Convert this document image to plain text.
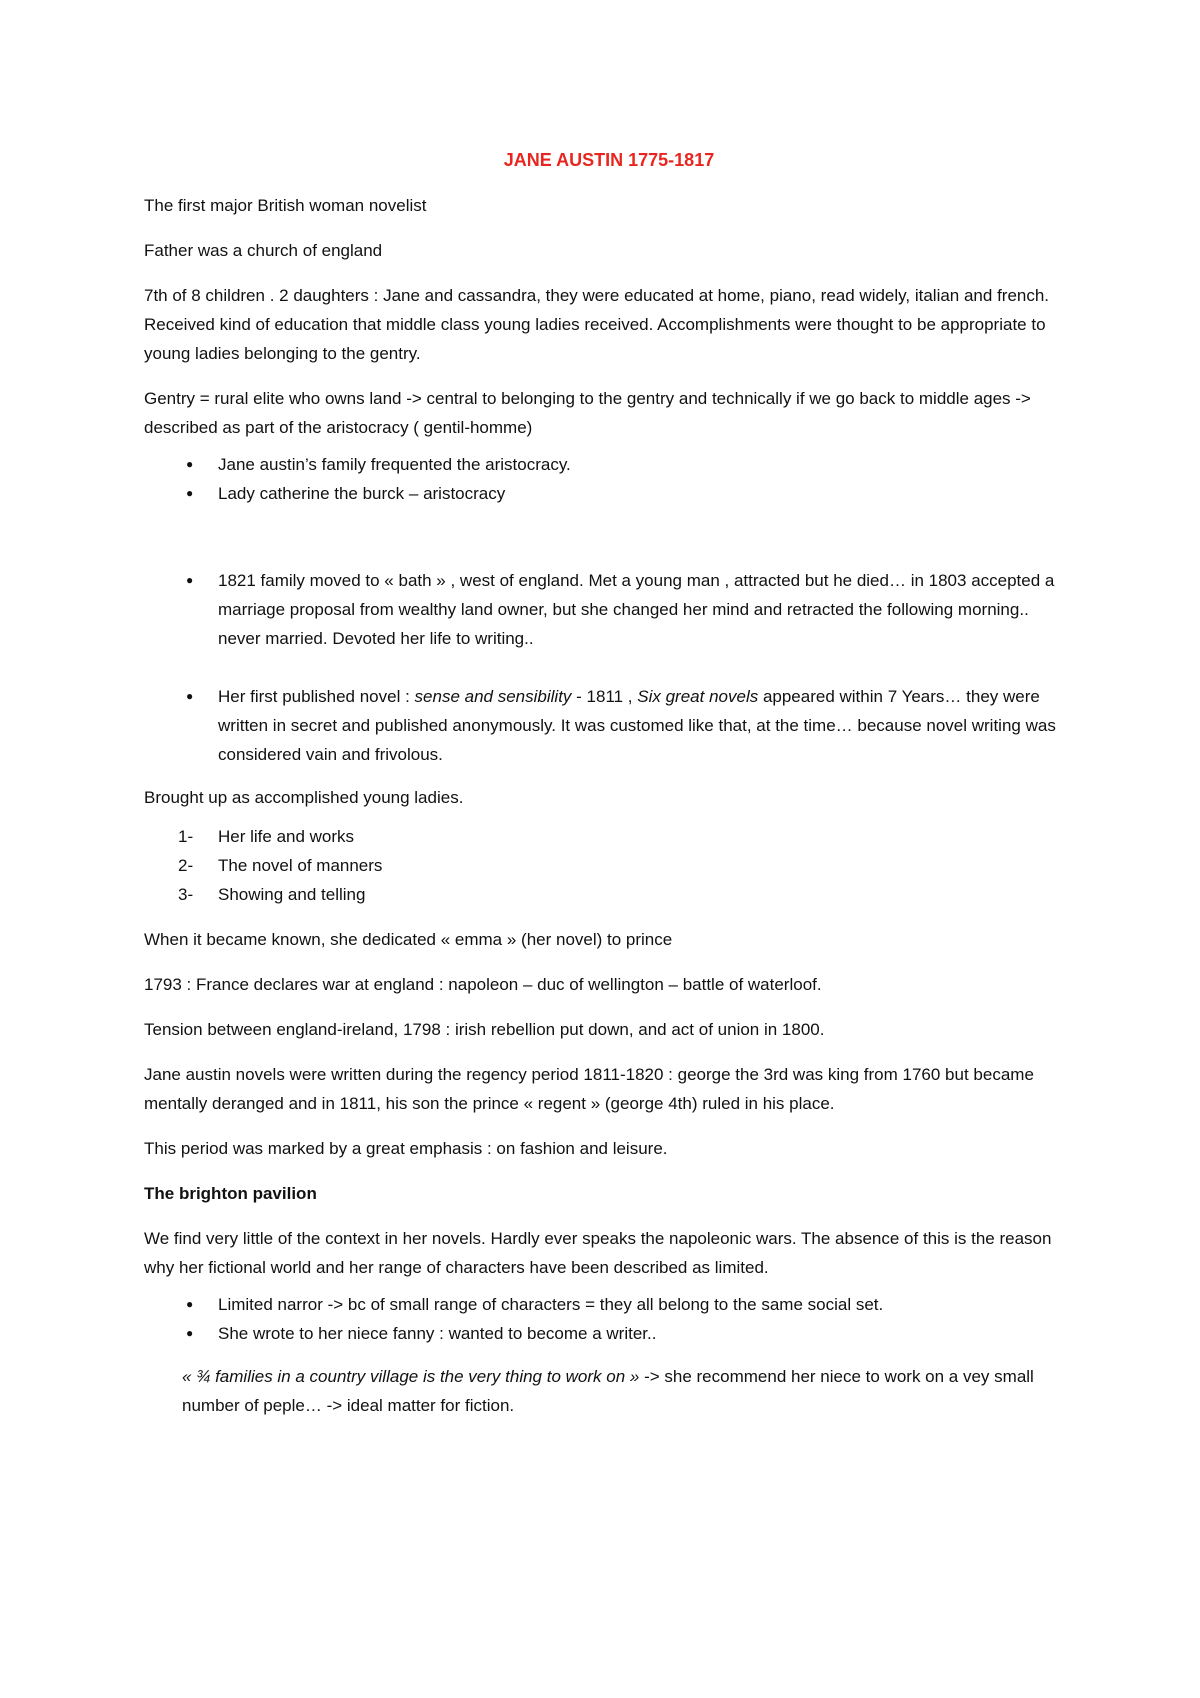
JANE AUSTIN 1775-1817
The first major British woman novelist
Father was a church of england
7th of 8 children . 2 daughters : Jane and cassandra, they were educated at home, piano, read widely, italian and french. Received kind of education that middle class young ladies received. Accomplishments were thought to be appropriate to young ladies belonging to the gentry.
Gentry = rural elite who owns land -> central to belonging to the gentry and technically if we go back to middle ages -> described as part of the aristocracy ( gentil-homme)
● Jane austin’s family frequented the aristocracy.
● Lady catherine the burck – aristocracy
● 1821 family moved to « bath » , west of england. Met a young man , attracted but he died… in 1803 accepted a marriage proposal from wealthy land owner, but she changed her mind and retracted the following morning.. never married. Devoted her life to writing..
● Her first published novel : sense and sensibility - 1811 , Six great novels appeared within 7 Years… they were written in secret and published anonymously. It was customed like that, at the time… because novel writing was considered vain and frivolous.
Brought up as accomplished young ladies.
1- Her life and works
2- The novel of manners
3- Showing and telling
When it became known, she dedicated « emma » (her novel) to prince
1793 : France declares war at england : napoleon – duc of wellington – battle of waterloof.
Tension between england-ireland, 1798 : irish rebellion put down, and act of union in 1800.
Jane austin novels were written during the regency period 1811-1820 : george the 3rd was king from 1760 but became mentally deranged and in 1811, his son the prince « regent » (george 4th) ruled in his place.
This period was marked by a great emphasis : on fashion and leisure.
The brighton pavilion
We find very little of the context in her novels. Hardly ever speaks the napoleonic wars. The absence of this is the reason why her fictional world and her range of characters have been described as limited.
● Limited narror -> bc of small range of characters = they all belong to the same social set.
● She wrote to her niece fanny : wanted to become a writer..
« ¾ families in a country village is the very thing to work on » -> she recommend her niece to work on a vey small number of peple… -> ideal matter for fiction.
